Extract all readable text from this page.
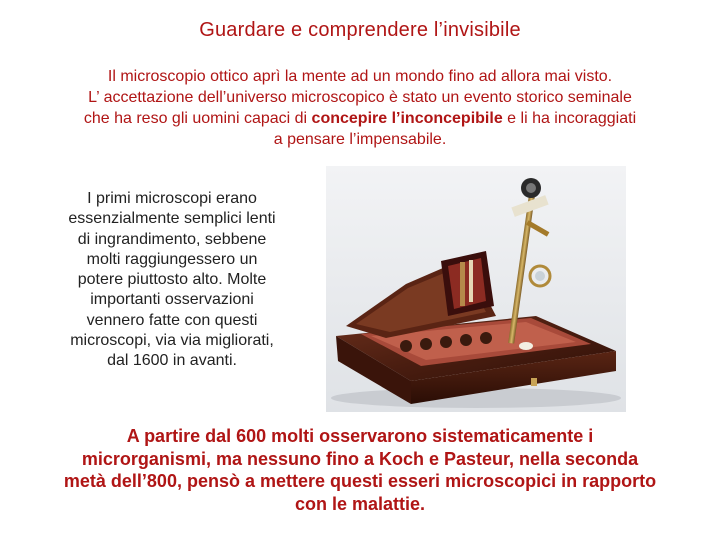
Guardare e comprendere l’invisibile
Il microscopio ottico aprì la mente ad un mondo fino ad allora mai visto.
L’ accettazione dell’universo microscopico è stato un evento storico seminale
che ha reso gli uomini capaci di concepire l’inconcepibile e li ha incoraggiati
a pensare l’impensabile.
I primi microscopi erano
essenzialmente semplici lenti
di ingrandimento, sebbene
molti raggiungessero un
potere piuttosto alto. Molte
importanti osservazioni
vennero fatte con questi
microscopi, via via migliorati,
dal 1600 in avanti.
A partire dal 600 molti osservarono sistematicamente i
microrganismi, ma nessuno fino a Koch e Pasteur, nella seconda
metà dell’800, pensò a mettere questi esseri microscopici in rapporto
con le malattie.
